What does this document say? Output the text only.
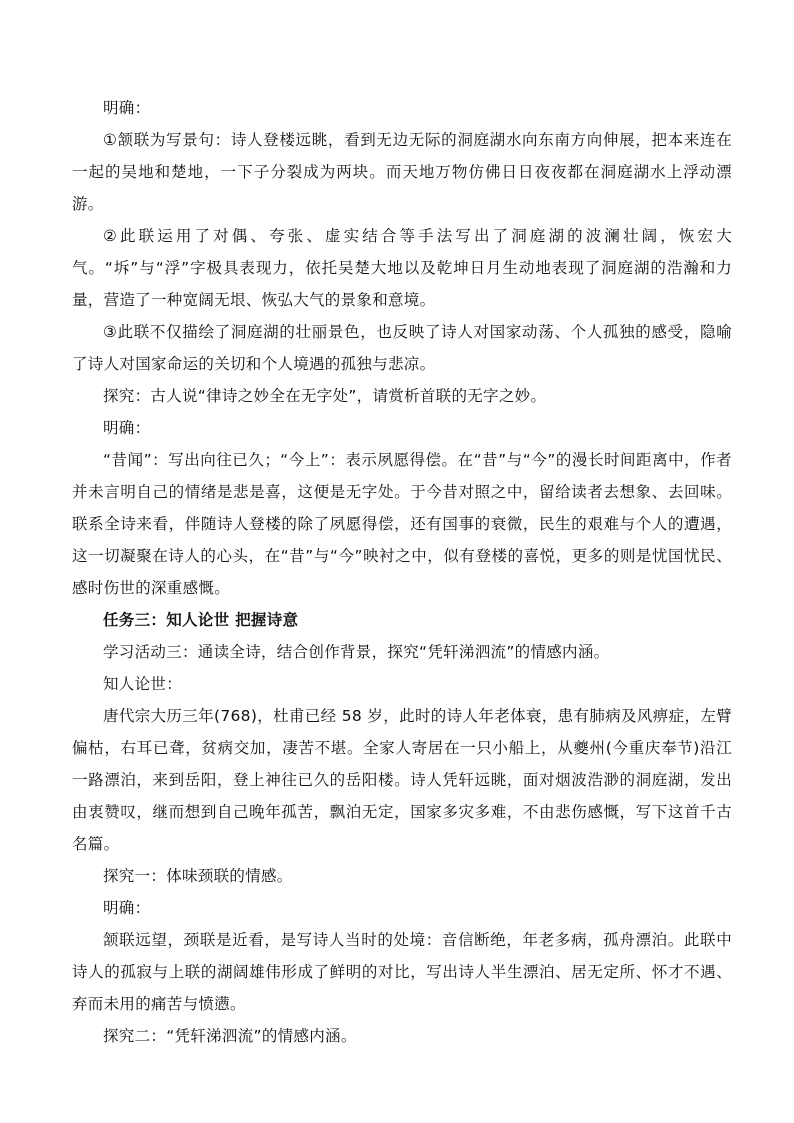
明确：

①颔联为写景句：诗人登楼远眺，看到无边无际的洞庭湖水向东南方向伸展，把本来连在一起的吴地和楚地，一下子分裂成为两块。而天地万物仿佛日日夜夜都在洞庭湖水上浮动漂游。

②此联运用了对偶、夸张、虚实结合等手法写出了洞庭湖的波澜壮阔，恢宏大气。“坼”与“浮”字极具表现力，依托吴楚大地以及乾坤日月生动地表现了洞庭湖的浩瀚和力量，营造了一种宽阔无垠、恢弘大气的景象和意境。

③此联不仅描绘了洞庭湖的壮丽景色，也反映了诗人对国家动荡、个人孤独的感受，隐喻了诗人对国家命运的关切和个人境遇的孤独与悲凉。

探究：古人说“律诗之妙全在无字处”，请赏析首联的无字之妙。

明确：

“昔闻”：写出向往已久；“今上”：表示夙愿得偿。在“昔”与“今”的漫长时间距离中，作者并未言明自己的情绪是悲是喜，这便是无字处。于今昔对照之中，留给读者去想象、去回味。联系全诗来看，伴随诗人登楼的除了夙愿得偿，还有国事的衰微，民生的艰难与个人的遭遇，这一切凝聚在诗人的心头，在“昔”与“今”映衬之中，似有登楼的喜悦，更多的则是忧国忧民、感时伤世的深重感慨。

任务三：知人论世 把握诗意

学习活动三：通读全诗，结合创作背景，探究“凭轩涕泗流”的情感内涵。

知人论世：

唐代宗大历三年(768)，杜甫已经 58 岁，此时的诗人年老体衰，患有肺病及风痹症，左臂偏枯，右耳已聋，贫病交加，凄苦不堪。全家人寄居在一只小船上，从夔州(今重庆奉节)沿江一路漂泊，来到岳阳，登上神往已久的岳阳楼。诗人凭轩远眺，面对烟波浩渺的洞庭湖，发出由衷赞叹，继而想到自己晚年孤苦，飘泊无定，国家多灾多难，不由悲伤感慨，写下这首千古名篇。

探究一：体味颈联的情感。

明确：

颔联远望，颈联是近看，是写诗人当时的处境：音信断绝，年老多病，孤舟漂泊。此联中诗人的孤寂与上联的湖阔雄伟形成了鲜明的对比，写出诗人半生漂泊、居无定所、怀才不遇、弃而未用的痛苦与愤懑。

探究二：“凭轩涕泗流”的情感内涵。
